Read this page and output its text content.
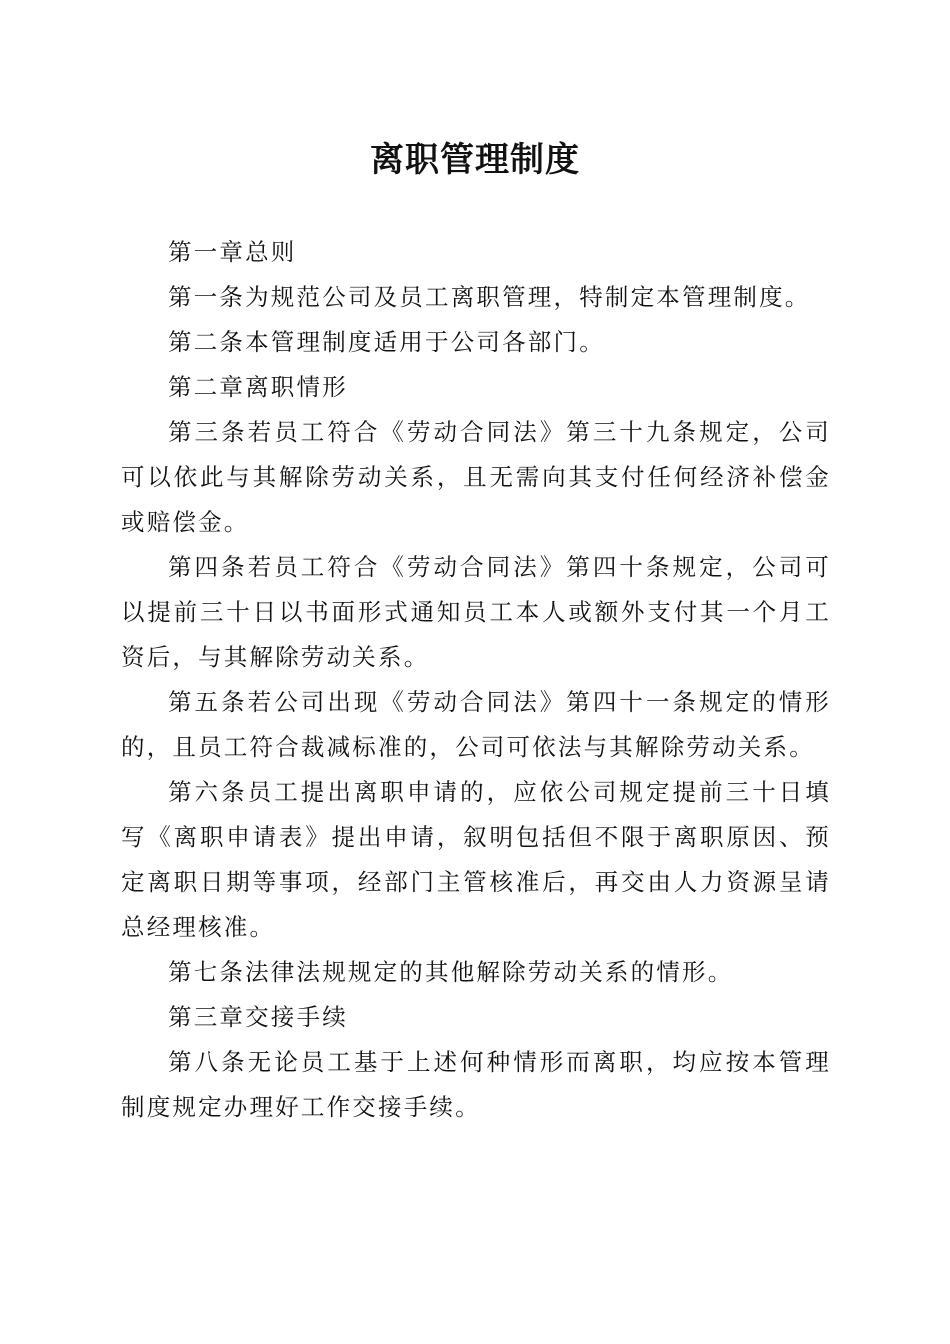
离职管理制度

第一章总则

第一条为规范公司及员工离职管理，特制定本管理制度。

第二条本管理制度适用于公司各部门。

第二章离职情形

第三条若员工符合《劳动合同法》第三十九条规定，公司可以依此与其解除劳动关系，且无需向其支付任何经济补偿金或赔偿金。

第四条若员工符合《劳动合同法》第四十条规定，公司可以提前三十日以书面形式通知员工本人或额外支付其一个月工资后，与其解除劳动关系。

第五条若公司出现《劳动合同法》第四十一条规定的情形的，且员工符合裁减标准的，公司可依法与其解除劳动关系。

第六条员工提出离职申请的，应依公司规定提前三十日填写《离职申请表》提出申请，叙明包括但不限于离职原因、预定离职日期等事项，经部门主管核准后，再交由人力资源呈请总经理核准。

第七条法律法规规定的其他解除劳动关系的情形。

第三章交接手续

第八条无论员工基于上述何种情形而离职，均应按本管理制度规定办理好工作交接手续。
